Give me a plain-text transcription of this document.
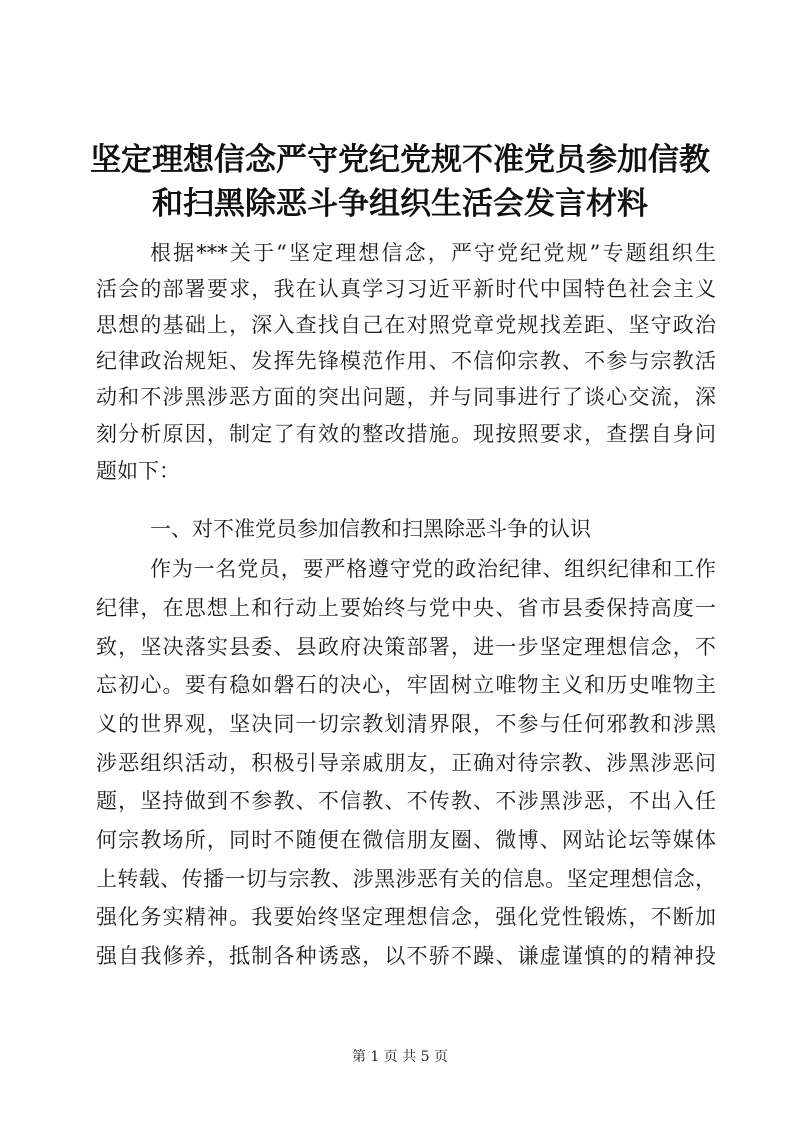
坚定理想信念严守党纪党规不准党员参加信教
和扫黑除恶斗争组织生活会发言材料
根据***关于“坚定理想信念，严守党纪党规”专题组织生
活会的部署要求，我在认真学习习近平新时代中国特色社会主义
思想的基础上，深入查找自己在对照党章党规找差距、坚守政治
纪律政治规矩、发挥先锋模范作用、不信仰宗教、不参与宗教活
动和不涉黑涉恶方面的突出问题，并与同事进行了谈心交流，深
刻分析原因，制定了有效的整改措施。现按照要求，查摆自身问
题如下：
一、对不准党员参加信教和扫黑除恶斗争的认识
作为一名党员，要严格遵守党的政治纪律、组织纪律和工作
纪律，在思想上和行动上要始终与党中央、省市县委保持高度一
致，坚决落实县委、县政府决策部署，进一步坚定理想信念，不
忘初心。要有稳如磐石的决心，牢固树立唯物主义和历史唯物主
义的世界观，坚决同一切宗教划清界限，不参与任何邪教和涉黑
涉恶组织活动，积极引导亲戚朋友，正确对待宗教、涉黑涉恶问
题，坚持做到不参教、不信教、不传教、不涉黑涉恶，不出入任
何宗教场所，同时不随便在微信朋友圈、微博、网站论坛等媒体
上转载、传播一切与宗教、涉黑涉恶有关的信息。坚定理想信念，
强化务实精神。我要始终坚定理想信念，强化党性锻炼，不断加
强自我修养，抵制各种诱惑，以不骄不躁、谦虚谨慎的的精神投
第 1 页 共 5 页
